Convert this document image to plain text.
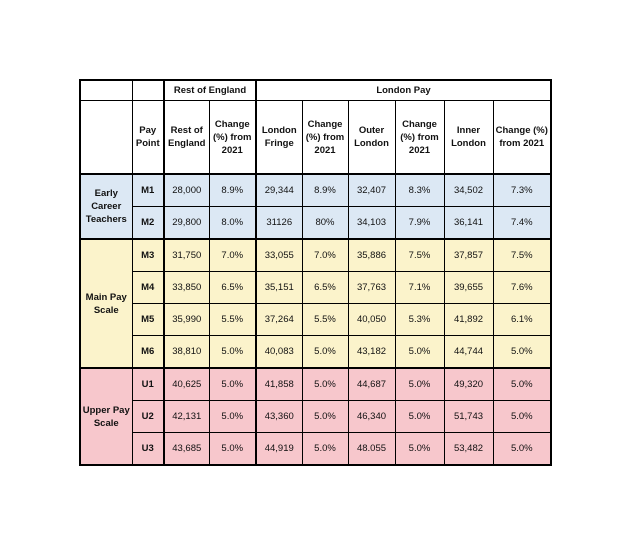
		Rest of England		London Pay					
	Pay Point	Rest of England	Change (%) from 2021	London Fringe	Change (%) from 2021	Outer London	Change (%) from 2021	Inner London	Change (%) from 2021
Early Career Teachers	M1	28,000	8.9%	29,344	8.9%	32,407	8.3%	34,502	7.3%
	M2	29,800	8.0%	31126	80%	34,103	7.9%	36,141	7.4%
Main Pay Scale	M3	31,750	7.0%	33,055	7.0%	35,886	7.5%	37,857	7.5%
	M4	33,850	6.5%	35,151	6.5%	37,763	7.1%	39,655	7.6%
	M5	35,990	5.5%	37,264	5.5%	40,050	5.3%	41,892	6.1%
	M6	38,810	5.0%	40,083	5.0%	43,182	5.0%	44,744	5.0%
Upper Pay Scale	U1	40,625	5.0%	41,858	5.0%	44,687	5.0%	49,320	5.0%
	U2	42,131	5.0%	43,360	5.0%	46,340	5.0%	51,743	5.0%
	U3	43,685	5.0%	44,919	5.0%	48.055	5.0%	53,482	5.0%
